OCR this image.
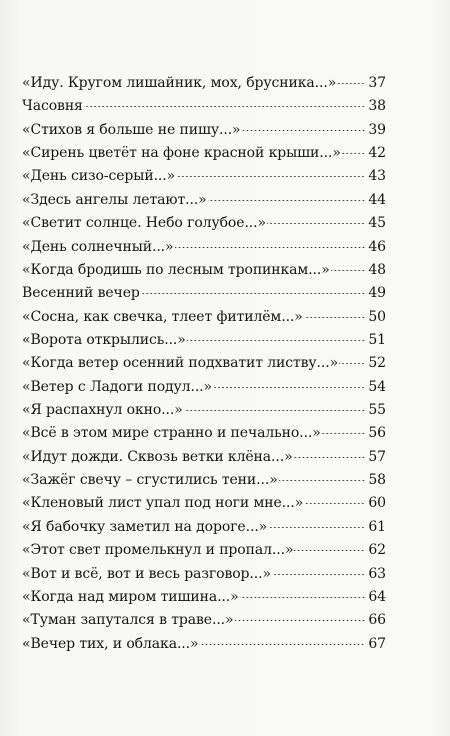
«Иду. Кругом лишайник, мох, брусника...» 37
Часовня	38
«Стихов я больше не пишу...»	39
«Сирень цветёт на фоне красной крыши...» 42
«День сизо-серый...»	43
«Здесь ангелы летают...»	44
«Светит солнце. Небо голубое...»	45
«День солнечный...»	46
«Когда бродишь по лесным тропинкам...»	48
Весенний вечер	49
«Сосна, как свечка, тлеет фитилём...»	50
«Ворота открылись...»	51
«Когда ветер осенний подхватит листву...» 52
«Ветер с Ладоги подул...»	54
«Я распахнул окно...»	55
«Всё в этом мире странно и печально...»	56
«Идут дожди. Сквозь ветки клёна...»	57
«Зажёг свечу – сгустились тени...»	58
«Кленовый лист упал под ноги мне...»	60
«Я бабочку заметил на дороге...»	61
«Этот свет промелькнул и пропал...»	62
«Вот и всё, вот и весь разговор...»	63
«Когда над миром тишина...»	64
«Туман запутался в траве...»	66
«Вечер тих, и облака...»	67
